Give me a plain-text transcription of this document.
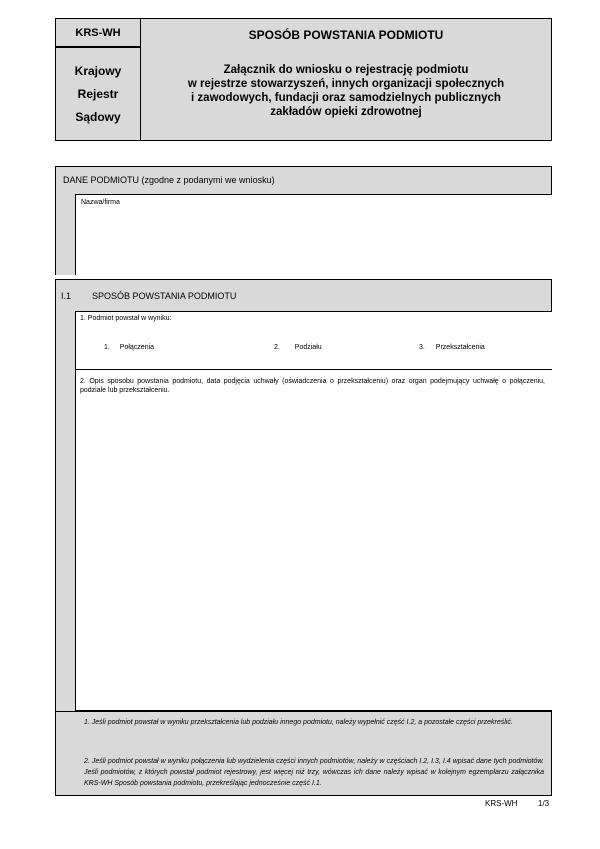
KRS-WH
Krajowy
Rejestr
Sądowy
SPOSÓB POWSTANIA PODMIOTU
Załącznik do wniosku o rejestrację podmiotu
w rejestrze stowarzyszeń, innych organizacji społecznych
i zawodowych, fundacji oraz samodzielnych publicznych
zakładów opieki zdrowotnej
DANE PODMIOTU (zgodne z podanymi we wniosku)
Nazwa/firma
I.1 SPOSÓB POWSTANIA PODMIOTU
1. Podmiot powstał w wyniku:
1. Połączenia	2. Podziału	3. Przekształcenia

2. Opis sposobu powstania podmiotu, data podjęcia uchwały (oświadczenia o przekształceniu) oraz organ podejmujący uchwałę o połączeniu, podziale lub przekształceniu.

1. Jeśli podmiot powstał w wyniku przekształcenia lub podziału innego podmiotu, należy wypełnić część I.2, a pozostałe części przekreślić.
2. Jeśli podmiot powstał w wyniku połączenia lub wydzielenia części innych podmiotów, należy w częściach I.2, I.3, I.4 wpisać dane tych podmiotów. Jeśli podmiotów, z których powstał podmiot rejestrowy, jest więcej niż trzy, wówczas ich dane należy wpisać w kolejnym egzemplarzu załącznika KRS-WH Sposób powstania podmiotu, przekreślając jednocześnie część I.1.
KRS-WH	1/3
